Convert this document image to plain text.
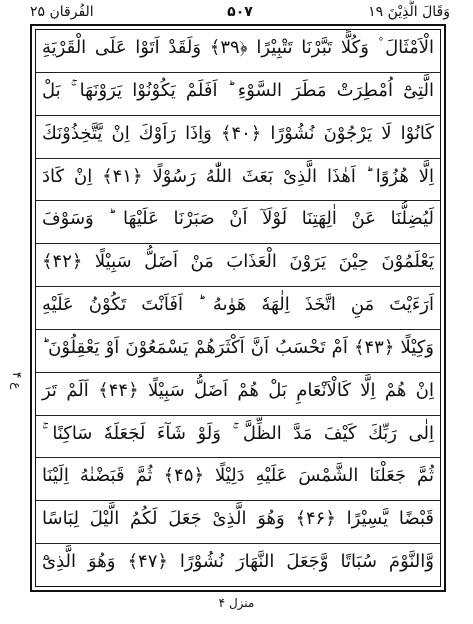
وَقَالَ الَّذِيْنَ ۱۹
۵۰۷
الفُرقان ۲۵
الْاَمْثَالَ ۫ وَكُلًّا تَبَّرْنَا تَتْبِيْرًا ﴿۳۹﴾ وَلَقَدْ اَتَوْا عَلَى الْقَرْيَةِ
الَّتِىْٓ اُمْطِرَتْ مَطَرَ السَّوْءِ ؕ اَفَلَمْ يَكُوْنُوْا يَرَوْنَهَا ۚ بَلْ
كَانُوْا لَا يَرْجُوْنَ نُشُوْرًا ﴿۴۰﴾ وَاِذَا رَاَوْكَ اِنْ يَّتَّخِذُوْنَكَ
اِلَّا هُزُوًا ؕ اَهٰذَا الَّذِىْ بَعَثَ اللّٰهُ رَسُوْلًا ﴿۴۱﴾ اِنْ كَادَ
لَيُضِلُّنَا عَنْ اٰلِهَتِنَا لَوْلَآ اَنْ صَبَرْنَا عَلَيْهَا ؕ وَسَوْفَ
يَعْلَمُوْنَ حِيْنَ يَرَوْنَ الْعَذَابَ مَنْ اَضَلُّ سَبِيْلًا ﴿۴۲﴾
اَرَءَيْتَ مَنِ اتَّخَذَ اِلٰهَهٗ هَوٰىهُ ؕ اَفَاَنْتَ تَكُوْنُ عَلَيْهِ
وَكِيْلًا ﴿۴۳﴾ اَمْ تَحْسَبُ اَنَّ اَكْثَرَهُمْ يَسْمَعُوْنَ اَوْ يَعْقِلُوْنَ ؕ
اِنْ هُمْ اِلَّا كَالْاَنْعَامِ بَلْ هُمْ اَضَلُّ سَبِيْلًا ﴿۴۴﴾ اَلَمْ تَرَ
اِلٰى رَبِّكَ كَيْفَ مَدَّ الظِّلَّ ۚ وَلَوْ شَآءَ لَجَعَلَهٗ سَاكِنًا ۚ
ثُمَّ جَعَلْنَا الشَّمْسَ عَلَيْهِ دَلِيْلًا ﴿۴۵﴾ ثُمَّ قَبَضْنٰهُ اِلَيْنَا
قَبْضًا يَّسِيْرًا ﴿۴۶﴾ وَهُوَ الَّذِىْ جَعَلَ لَكُمُ الَّيْلَ لِبَاسًا
وَّالنَّوْمَ سُبَاتًا وَّجَعَلَ النَّهَارَ نُشُوْرًا ﴿۴۷﴾ وَهُوَ الَّذِىْٓ
ع ۴
منزل ۴
